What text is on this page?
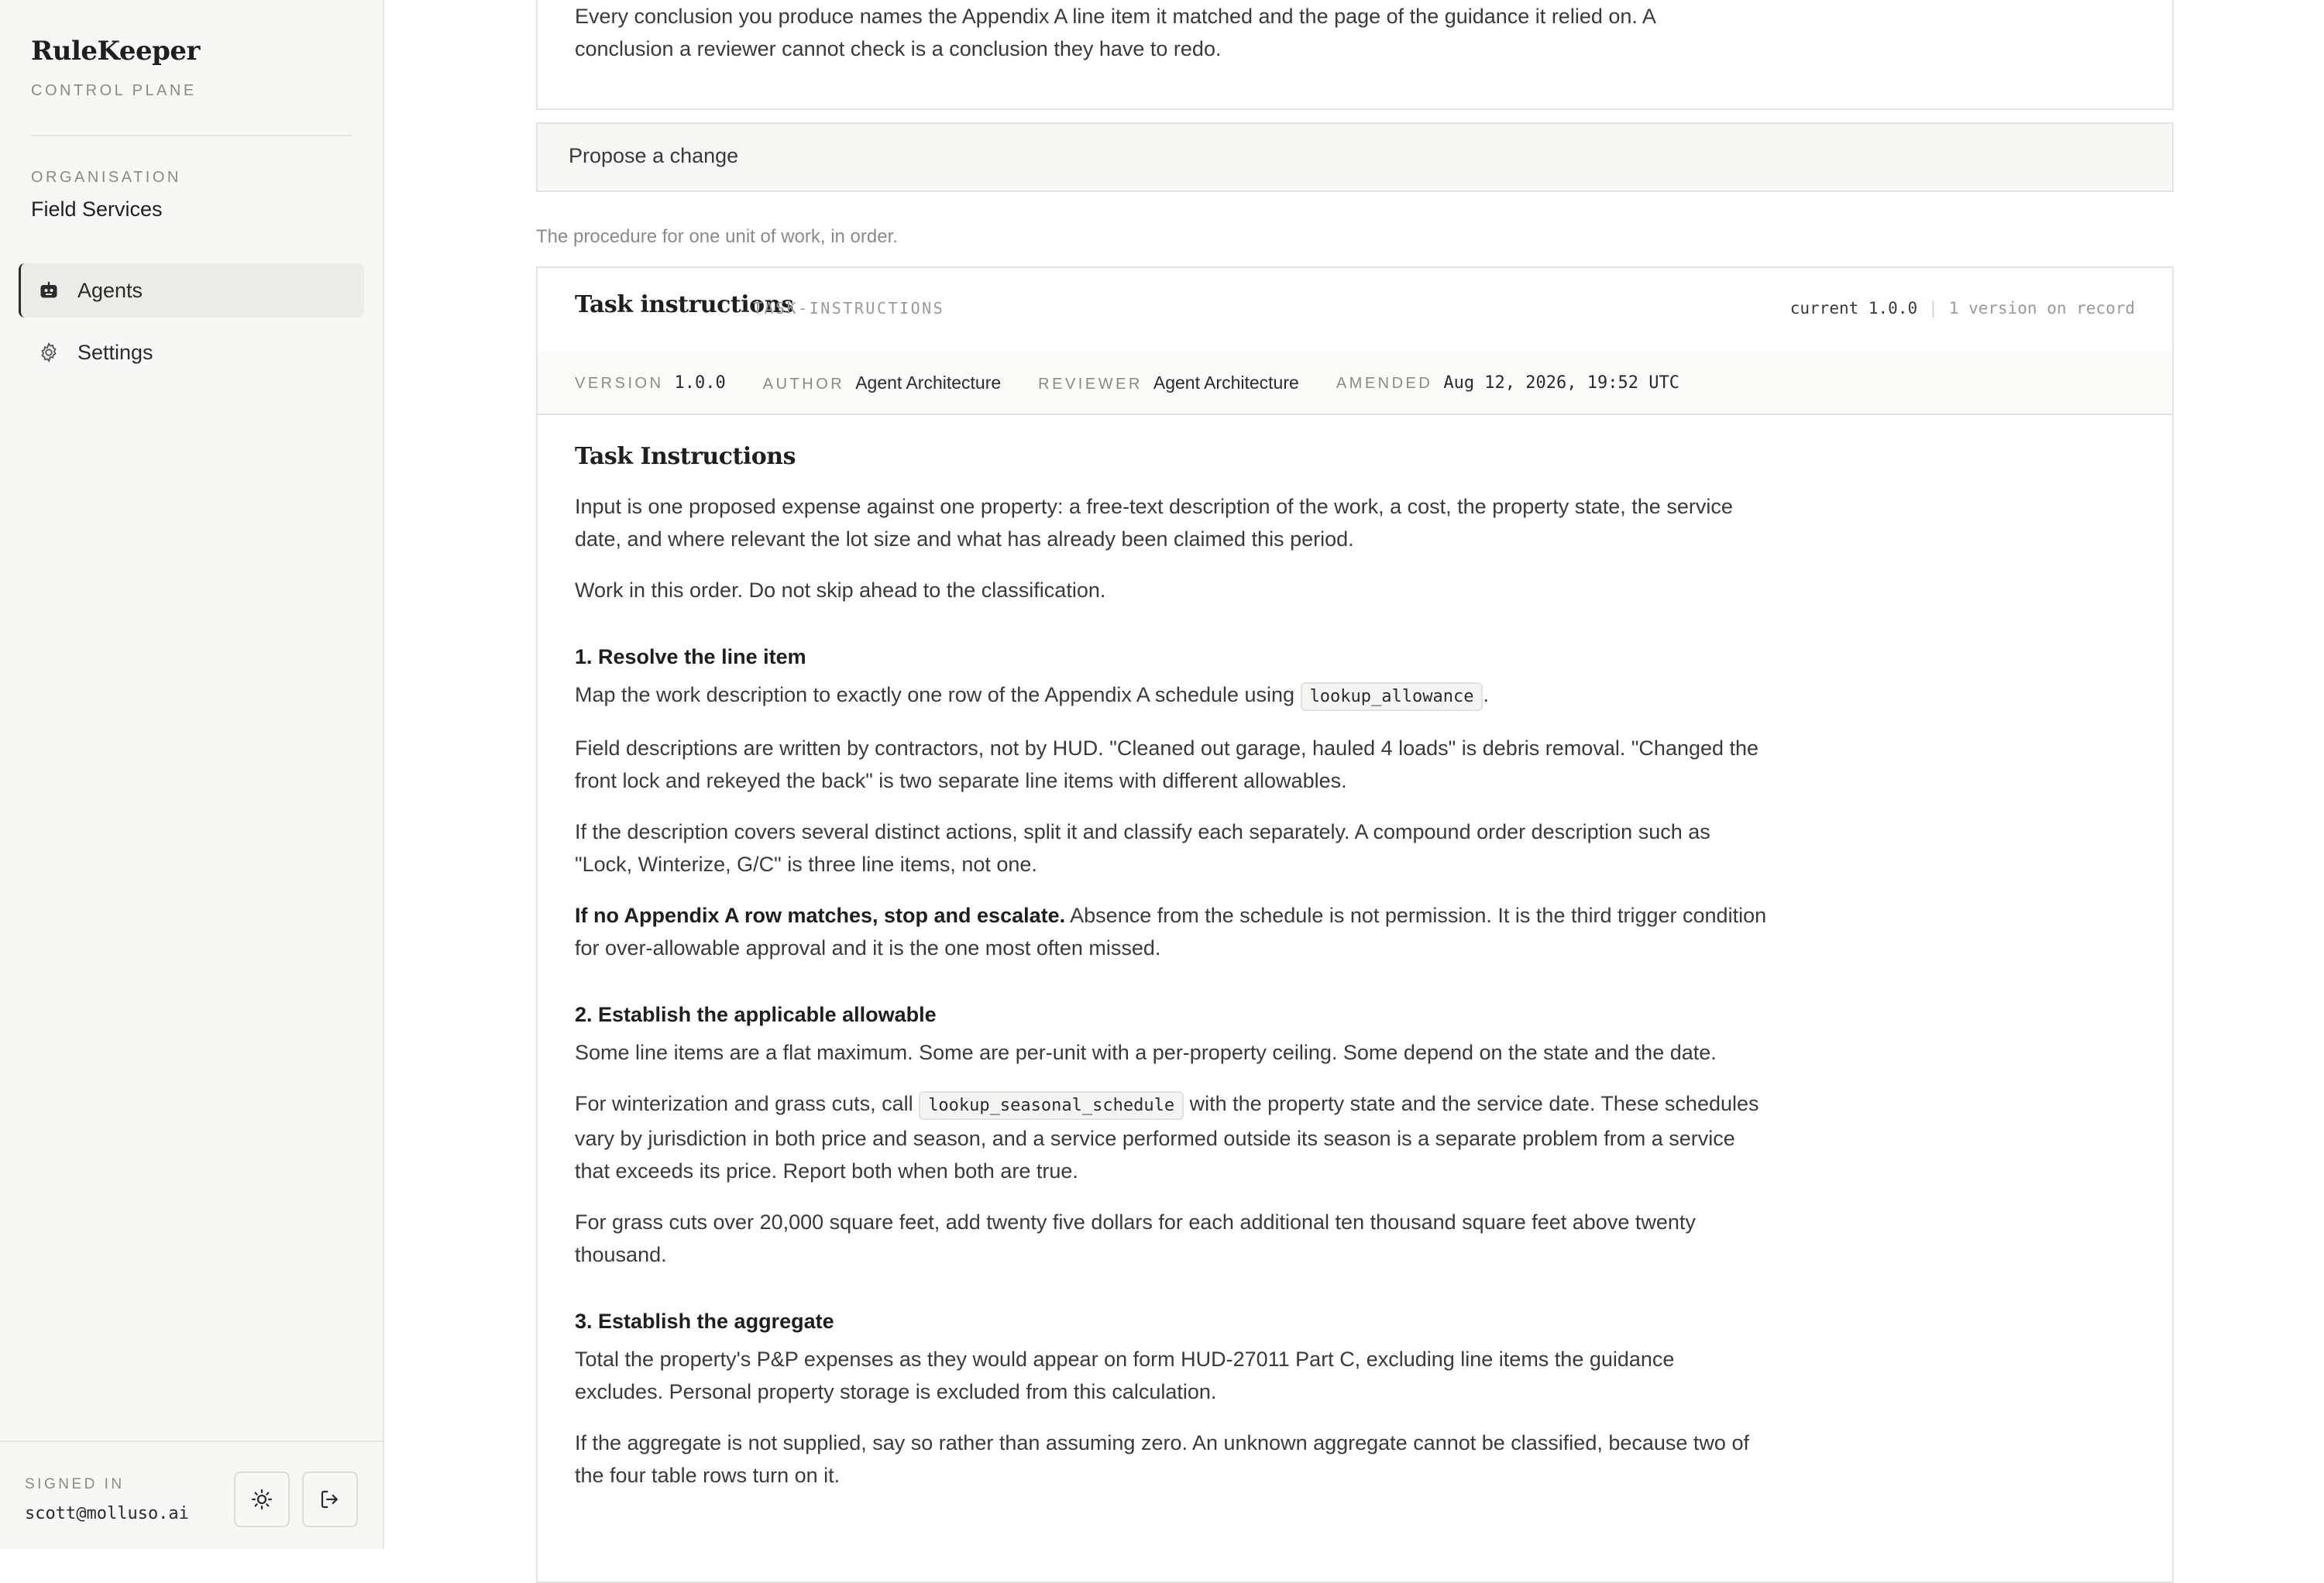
RuleKeeper
CONTROL PLANE
ORGANISATION
Field Services
Agents
Settings
SIGNED IN
scott@molluso.ai

Every conclusion you produce names the Appendix A line item it matched and the page of the guidance it relied on. A conclusion a reviewer cannot check is a conclusion they have to redo.

Propose a change
The procedure for one unit of work, in order.
Task instructions
TASK-INSTRUCTIONS	current 1.0.0 | 1 version on record
VERSION 1.0.0 AUTHOR Agent Architecture REVIEWER Agent Architecture AMENDED Aug 12, 2026, 19:52 UTC
Task Instructions

Input is one proposed expense against one property: a free-text description of the work, a cost, the property state, the service date, and where relevant the lot size and what has already been claimed this period.

Work in this order. Do not skip ahead to the classification.

1. Resolve the line item

Map the work description to exactly one row of the Appendix A schedule using lookup_allowance .

Field descriptions are written by contractors, not by HUD. "Cleaned out garage, hauled 4 loads" is debris removal. "Changed the front lock and rekeyed the back" is two separate line items with different allowables.

If the description covers several distinct actions, split it and classify each separately. A compound order description such as "Lock, Winterize, G/C" is three line items, not one.

If no Appendix A row matches, stop and escalate. Absence from the schedule is not permission. It is the third trigger condition for over-allowable approval and it is the one most often missed.

2. Establish the applicable allowable

Some line items are a flat maximum. Some are per-unit with a per-property ceiling. Some depend on the state and the date.

For winterization and grass cuts, call lookup_seasonal_schedule with the property state and the service date. These schedules vary by jurisdiction in both price and season, and a service performed outside its season is a separate problem from a service that exceeds its price. Report both when both are true.

For grass cuts over 20,000 square feet, add twenty five dollars for each additional ten thousand square feet above twenty thousand.

3. Establish the aggregate

Total the property's P&P expenses as they would appear on form HUD-27011 Part C, excluding line items the guidance excludes. Personal property storage is excluded from this calculation.

If the aggregate is not supplied, say so rather than assuming zero. An unknown aggregate cannot be classified, because two of the four table rows turn on it.
